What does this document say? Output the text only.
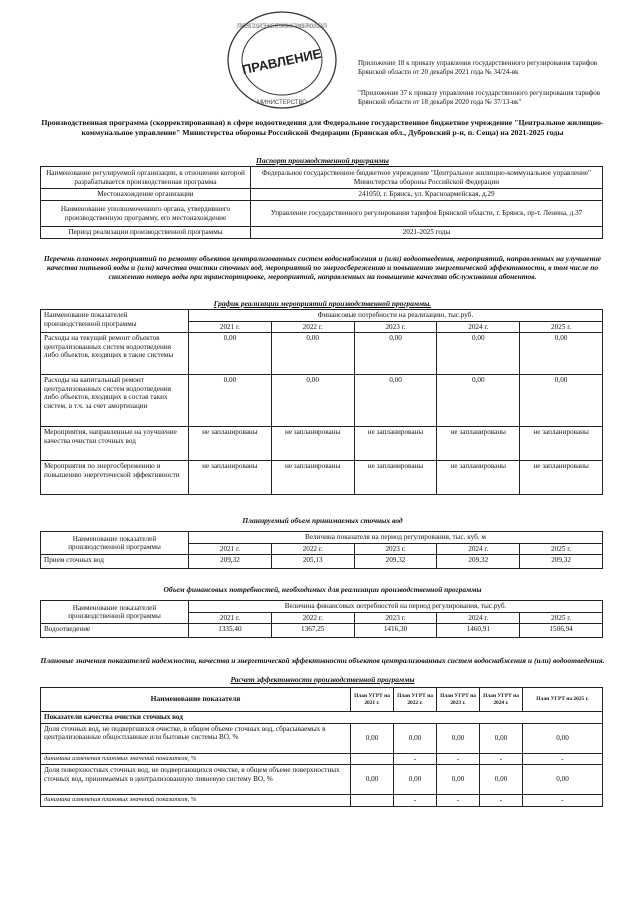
ПРАВЛЕНИЕ
УПРАВЛЕНИЕ ГОСУДАРСТВЕННОГО РЕГУЛИРОВАНИЯ ТАРИФОВ БРЯНСКОЙ ОБЛАСТИ
МИНИСТЕРСТВО
Приложение 18 к приказу управления государственного регулирования тарифов Брянской области от 20 декабря 2021 года № 34/24-вк
"Приложение 37 к приказу управления государственного регулирования тарифов Брянской области от 18 декабря 2020 года № 37/13-вк"
Производственная программа (скорректированная) в сфере водоотведения для Федеральное государственное бюджетное учреждение "Центральное жилищно-коммунальное управление" Министерства обороны Российской Федерации (Брянская обл., Дубровский р-н, п. Сеща) на 2021-2025 годы
Паспорт производственной программы
Наименование регулируемой организации, в отношении которой разрабатывается производственная программа	Федеральное государственное бюджетное учреждение "Центральное жилищно-коммунальное управление" Министерства обороны Российской Федерации
Местонахождение организации	241050, г. Брянск, ул. Красноармейская, д.29
Наименование уполномоченного органа, утвердившего производственную программу, его местонахождение	Управление государственного регулирования тарифов Брянской области, г. Брянск, пр-т. Ленина, д.37
Период реализации производственной программы	2021-2025 годы
Перечень плановых мероприятий по ремонту объектов централизованных систем водоснабжения и (или) водоотведения, мероприятий, направленных на улучшение качества питьевой воды и (или) качества очистки сточных вод, мероприятий по энергосбережению и повышению энергетической эффективности, в том числе по снижению потерь воды при транспортировке, мероприятий, направленных на повышение качества обслуживания абонентов.
График реализации мероприятий производственной программы.
Наименование показателей производственной программы	Финансовые потребности на реализацию, тыс.руб.				
	2021 г.	2022 г.	2023 г.	2024 г.	2025 г.
Расходы на текущий ремонт объектов централизованных систем водоотведения либо объектов, входящих в такие системы	0,00	0,00	0,00	0,00	0,00
Расходы на капитальный ремонт централизованных систем водоотведения либо объектов, входящих в состав таких систем, в т.ч. за счет амортизации	0,00	0,00	0,00	0,00	0,00
Мероприятия, направленные на улучшение качества очистки сточных вод	не запланированы	не запланированы	не запланированы	не запланированы	не запланированы
Мероприятия по энергосбережению и повышению энергетической эффективности	не запланированы	не запланированы	не запланированы	не запланированы	не запланированы
Планируемый объем принимаемых сточных вод
Наименование показателей производственной программы	Величина показателя на период регулирования, тыс. куб. м				
	2021 г.	2022 г.	2023 г.	2024 г.	2025 г.
Прием сточных вод	209,32	205,13	209,32	209,32	209,32
Объем финансовых потребностей, необходимых для реализации производственной программы
Наименование показателей производственной программы	Величина финансовых потребностей на период регулирования, тыс.руб.				
	2021 г.	2022 г.	2023 г.	2024 г.	2025 г.
Водоотведение	1335,40	1367,25	1416,30	1460,91	1506,94
Плановые значения показателей надежности, качества и энергетической эффективности объектов централизованных систем водоснабжения и (или) водоотведения.
Расчет эффективности производственной программы
Наименование показателя	План УГРТ на 2021 г.	План УГРТ на 2022 г.	План УГРТ на 2023 г.	План УГРТ на 2024 г.	План УГРТ на 2025 г.
Показатели качества очистки сточных вод					
Доля сточных вод, не подвергшихся очистке, в общем объеме сточных вод, сбрасываемых в централизованные общесплавные или бытовые системы ВО, %	0,00	0,00	0,00	0,00	0,00
динамика изменения плановых значений показателя, %		-	-	-	-
Доля поверхностных сточных вод, не подвергающихся очистке, в общем объеме поверхностных сточных вод, принимаемых в централизованную ливневую систему ВО, %	0,00	0,00	0,00	0,00	0,00
динамика изменения плановых значений показателя, %		-	-	-	-
